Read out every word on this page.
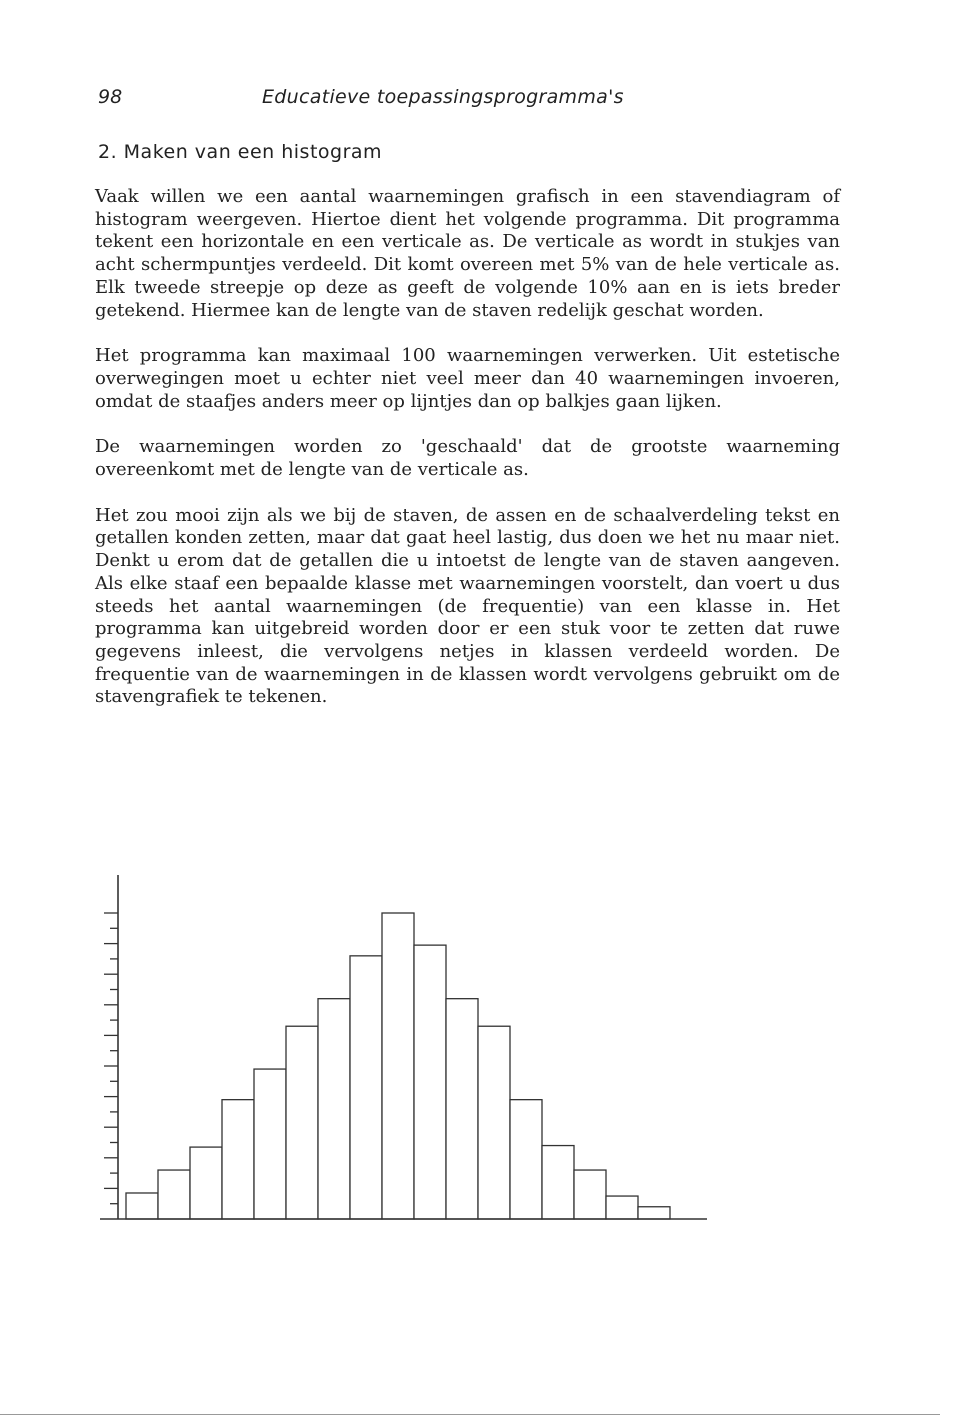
98	Educatieve toepassingsprogramma's
2. Maken van een histogram

Vaak willen we een aantal waarnemingen grafisch in een stavendiagram of histogram weergeven. Hiertoe dient het volgende programma. Dit programma tekent een horizontale en een verticale as. De verticale as wordt in stukjes van acht schermpuntjes verdeeld. Dit komt overeen met 5% van de hele verticale as. Elk tweede streepje op deze as geeft de volgende 10% aan en is iets breder getekend. Hiermee kan de lengte van de staven redelijk geschat worden.

Het programma kan maximaal 100 waarnemingen verwerken. Uit estetische overwegingen moet u echter niet veel meer dan 40 waarnemingen invoeren, omdat de staafjes anders meer op lijntjes dan op balkjes gaan lijken.

De waarnemingen worden zo 'geschaald' dat de grootste waarneming overeenkomt met de lengte van de verticale as.

Het zou mooi zijn als we bij de staven, de assen en de schaalverdeling tekst en getallen konden zetten, maar dat gaat heel lastig, dus doen we het nu maar niet. Denkt u erom dat de getallen die u intoetst de lengte van de staven aangeven. Als elke staaf een bepaalde klasse met waarnemingen voorstelt, dan voert u dus steeds het aantal waarnemingen (de frequentie) van een klasse in. Het programma kan uitgebreid worden door er een stuk voor te zetten dat ruwe gegevens inleest, die vervolgens netjes in klassen verdeeld worden. De frequentie van de waarnemingen in de klassen wordt vervolgens gebruikt om de stavengrafiek te tekenen.
